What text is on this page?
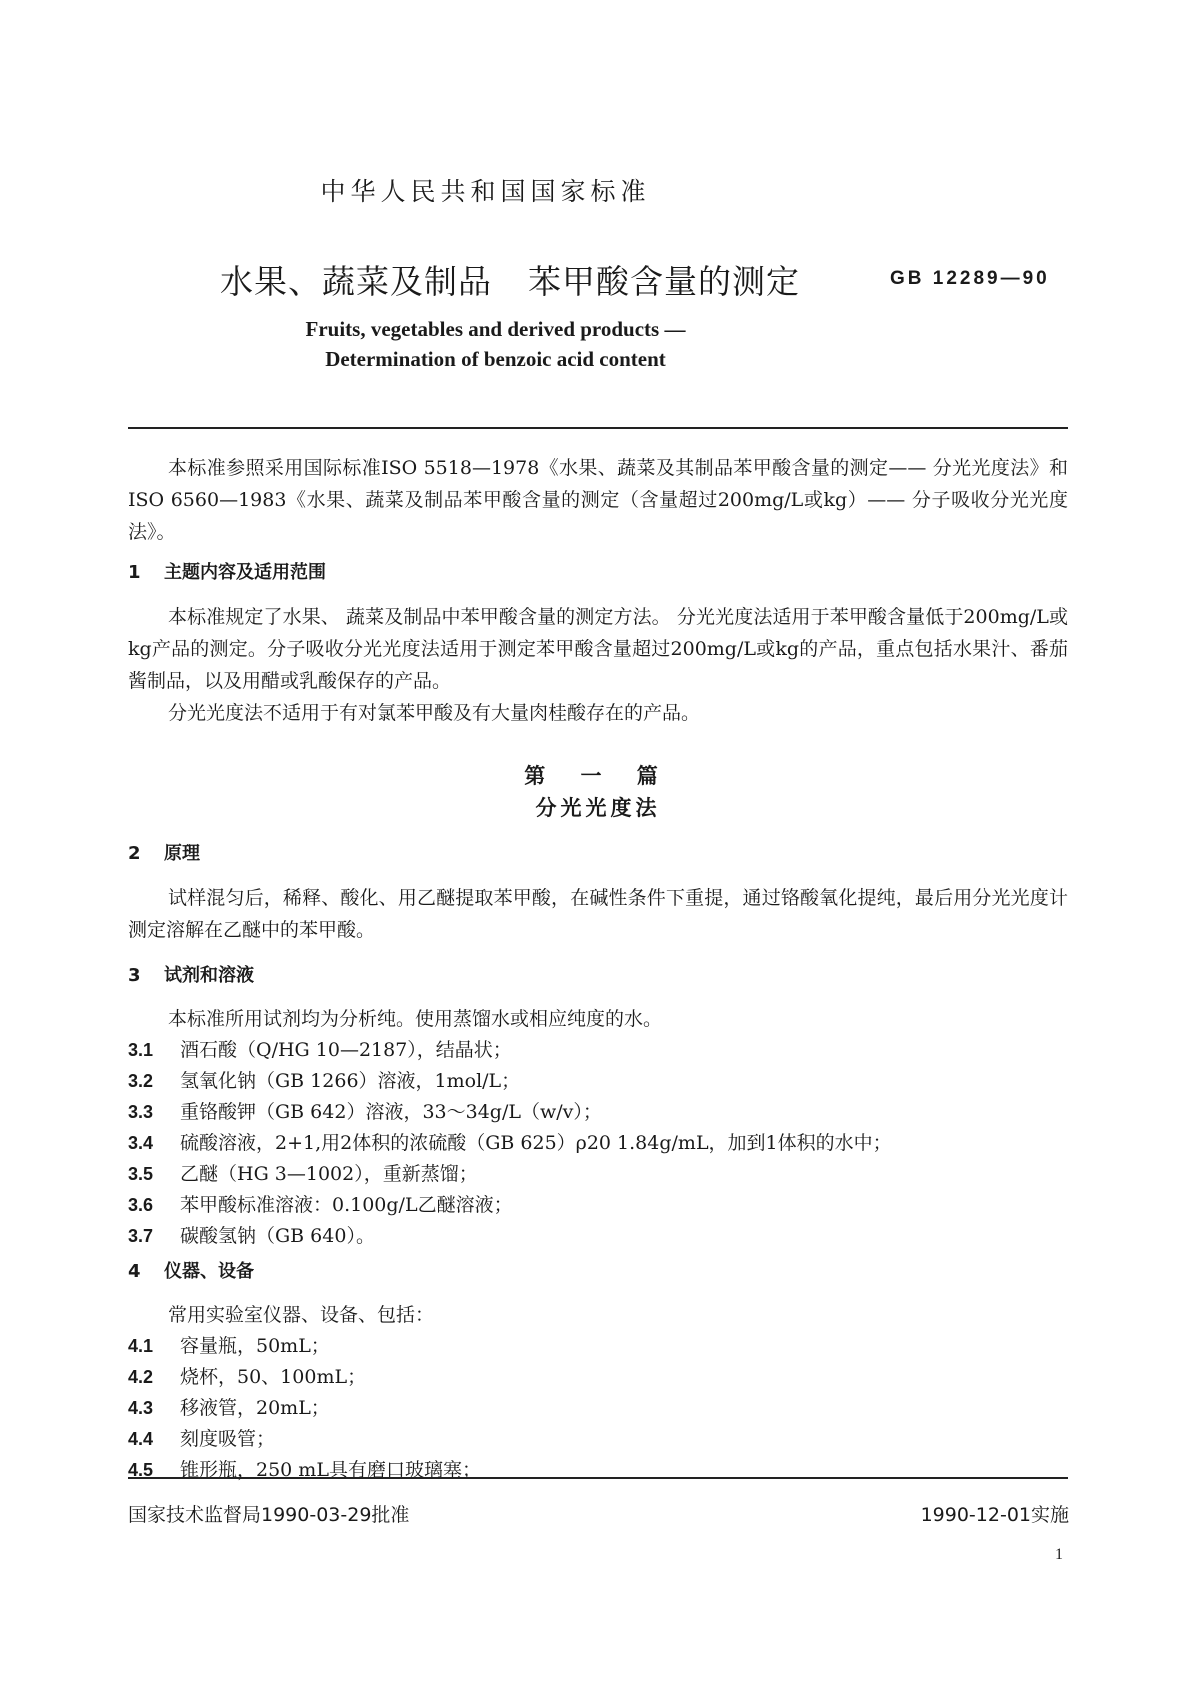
中华人民共和国国家标准
水果、蔬菜及制品 苯甲酸含量的测定	GB 12289—90
Fruits, vegetables and derived products —
Determination of benzoic acid content

本标准参照采用国际标准ISO 5518—1978《水果、蔬菜及其制品苯甲酸含量的测定—— 分光光度法》和ISO 6560—1983《水果、蔬菜及制品苯甲酸含量的测定（含量超过200mg/L或kg）—— 分子吸收分光光度法》。

1 主题内容及适用范围

本标准规定了水果、 蔬菜及制品中苯甲酸含量的测定方法。 分光光度法适用于苯甲酸含量低于200mg/L或kg产品的测定。分子吸收分光光度法适用于测定苯甲酸含量超过200mg/L或kg的产品，重点包括水果汁、番茄酱制品，以及用醋或乳酸保存的产品。

分光光度法不适用于有对氯苯甲酸及有大量肉桂酸存在的产品。

第 一 篇

分光光度法

2 原理

试样混匀后，稀释、酸化、用乙醚提取苯甲酸，在碱性条件下重提，通过铬酸氧化提纯，最后用分光光度计测定溶解在乙醚中的苯甲酸。

3 试剂和溶液

本标准所用试剂均为分析纯。使用蒸馏水或相应纯度的水。

3.1 酒石酸（Q/HG 10—2187），结晶状；

3.2 氢氧化钠（GB 1266）溶液，1mol/L；

3.3 重铬酸钾（GB 642）溶液，33～34g/L（w/v）；

3.4 硫酸溶液，2+1,用2体积的浓硫酸（GB 625）ρ20 1.84g/mL，加到1体积的水中；

3.5 乙醚（HG 3—1002），重新蒸馏；

3.6 苯甲酸标准溶液：0.100g/L乙醚溶液；

3.7 碳酸氢钠（GB 640）。

4 仪器、设备

常用实验室仪器、设备、包括：

4.1 容量瓶，50mL；

4.2 烧杯，50、100mL；

4.3 移液管，20mL；

4.4 刻度吸管；

4.5 锥形瓶，250 mL具有磨口玻璃塞；

国家技术监督局1990-03-29批准	1990-12-01实施
1
